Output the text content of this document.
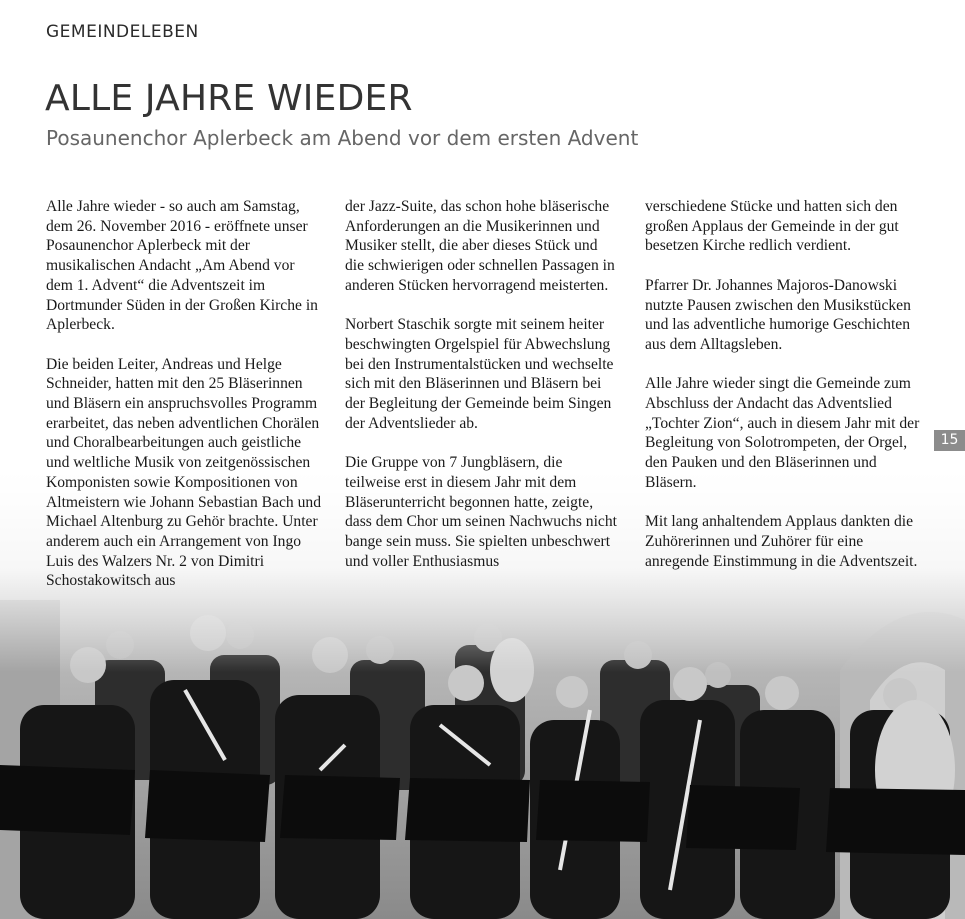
GEMEINDELEBEN
ALLE JAHRE WIEDER
Posaunenchor Aplerbeck am Abend vor dem ersten Advent

Alle Jahre wieder - so auch am Samstag, dem 26. November 2016 - eröffnete unser Posaunenchor Aplerbeck mit der musikalischen Andacht „Am Abend vor dem 1. Advent“ die Adventszeit im Dortmunder Süden in der Großen Kirche in Aplerbeck.

Die beiden Leiter, Andreas und Helge Schneider, hatten mit den 25 Bläserinnen und Bläsern ein anspruchsvolles Programm erarbeitet, das neben adventlichen Chorälen und Choralbearbeitungen auch geistliche und weltliche Musik von zeitgenössischen Komponisten sowie Kompositionen von Altmeistern wie Johann Sebastian Bach und Michael Altenburg zu Gehör brachte. Unter anderem auch ein Arrangement von Ingo Luis des Walzers Nr. 2 von Dimitri Schostakowitsch aus

der Jazz-Suite, das schon hohe bläserische Anforderungen an die Musikerinnen und Musiker stellt, die aber dieses Stück und die schwierigen oder schnellen Passagen in anderen Stücken hervorragend meisterten.

Norbert Staschik sorgte mit seinem heiter beschwingten Orgelspiel für Abwechslung bei den Instrumentalstücken und wechselte sich mit den Bläserinnen und Bläsern bei der Begleitung der Gemeinde beim Singen der Adventslieder ab.

Die Gruppe von 7 Jungbläsern, die teilweise erst in diesem Jahr mit dem Bläserunterricht begonnen hatte, zeigte, dass dem Chor um seinen Nachwuchs nicht bange sein muss. Sie spielten unbeschwert und voller Enthusiasmus

verschiedene Stücke und hatten sich den großen Applaus der Gemeinde in der gut besetzen Kirche redlich verdient.

Pfarrer Dr. Johannes Majoros-Danowski nutzte Pausen zwischen den Musikstücken und las adventliche humorige Geschichten aus dem Alltagsleben.

Alle Jahre wieder singt die Gemeinde zum Abschluss der Andacht das Adventslied „Tochter Zion“, auch in diesem Jahr mit der Begleitung von Solotrompeten, der Orgel, den Pauken und den Bläserinnen und Bläsern.

Mit lang anhaltendem Applaus dankten die Zuhörerinnen und Zuhörer für eine anregende Einstimmung in die Adventszeit.

15
